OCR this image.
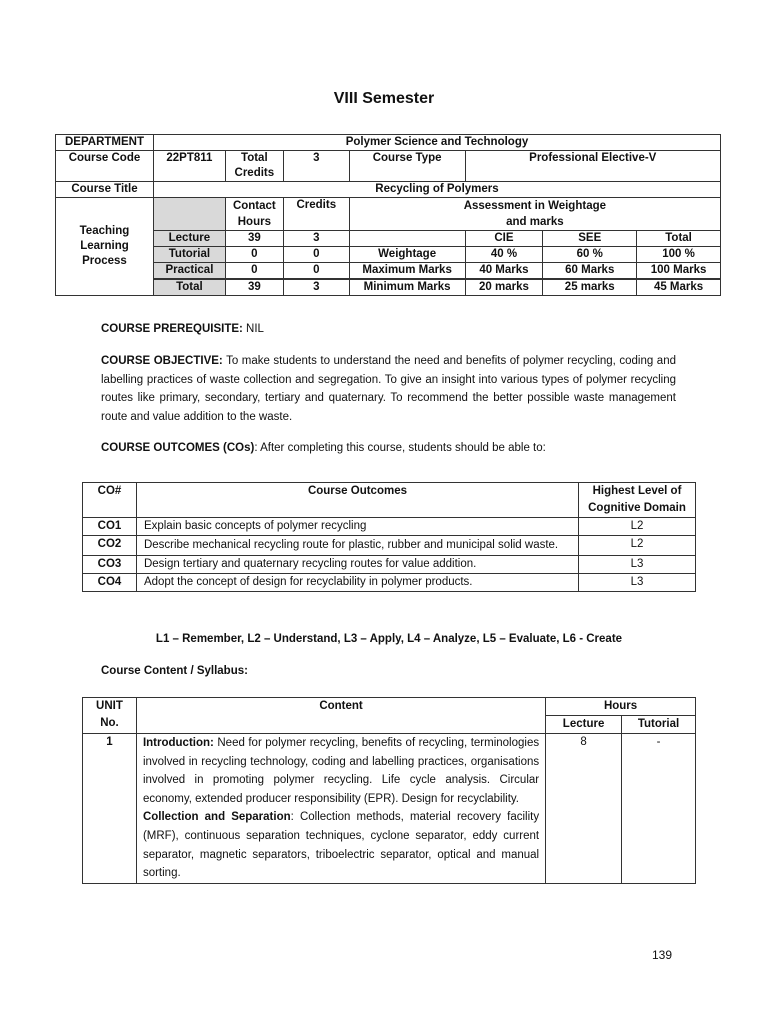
VIII Semester
DEPARTMENT	Polymer Science and Technology						
Course Code	22PT811	Total Credits	3	Course Type	Professional Elective-V		
Course Title	Recycling of Polymers						

Teaching Learning Process		Contact Hours	Credits	Assessment in Weightage and marks			

	Lecture	39	3		CIE	SEE	Total
	Tutorial	0	0	Weightage	40 %	60 %	100 %
	Practical	0	0	Maximum Marks	40 Marks	60 Marks	100 Marks
	Total	39	3	Minimum Marks	20 marks	25 marks	45 Marks
COURSE PREREQUISITE: NIL
COURSE OBJECTIVE: To make students to understand the need and benefits of polymer recycling, coding and labelling practices of waste collection and segregation. To give an insight into various types of polymer recycling routes like primary, secondary, tertiary and quaternary. To recommend the better possible waste management route and value addition to the waste.
COURSE OUTCOMES (COs): After completing this course, students should be able to:
CO#	Course Outcomes	Highest Level of Cognitive Domain

CO1	Explain basic concepts of polymer recycling	L2
CO2	Describe mechanical recycling route for plastic, rubber and municipal solid waste.	L2
CO3	Design tertiary and quaternary recycling routes for value addition.	L3
CO4	Adopt the concept of design for recyclability in polymer products.	L3
L1 – Remember, L2 – Understand, L3 – Apply, L4 – Analyze, L5 – Evaluate, L6 - Create
Course Content / Syllabus:
UNIT No.	Content	Hours	
		Lecture	Tutorial
1	Introduction: Need for polymer recycling, benefits of recycling, terminologies involved in recycling technology, coding and labelling practices, organisations involved in promoting polymer recycling. Life cycle analysis. Circular economy, extended producer responsibility (EPR). Design for recyclability.
Collection and Separation: Collection methods, material recovery facility (MRF), continuous separation techniques, cyclone separator, eddy current separator, magnetic separators, triboelectric separator, optical and manual sorting.	8	-
139
